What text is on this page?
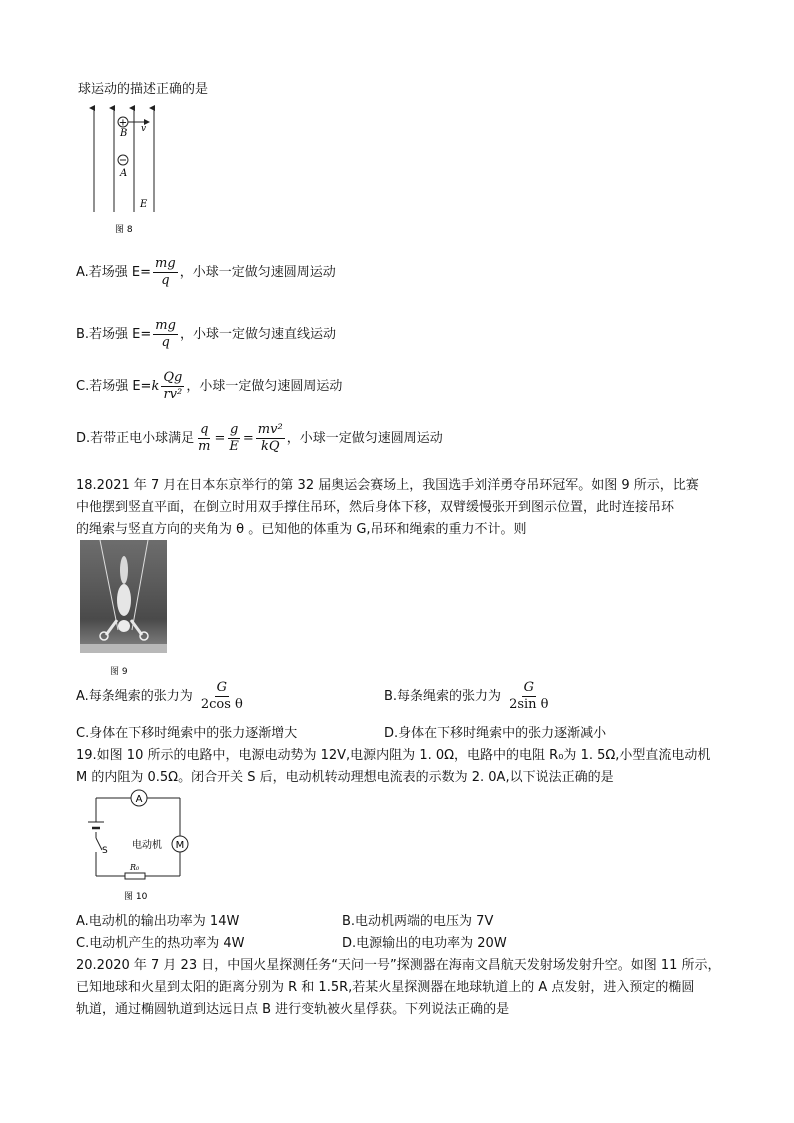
球运动的描述正确的是
+
B
A
v
E
图 8
A.若场强 $E= \frac{mg}{q}$ ，小球一定做匀速圆周运动
B.若场强 $E= \frac{mg}{q}$ ，小球一定做匀速直线运动
C.若场强 $E=k \frac{Qg}{\text{rv²}}$ ，小球一定做匀速圆周运动
D.若带正电小球满足 $\frac{q}{m} = \frac{g}{E} = \frac{\text{mv²}}{kQ}$ ，小球一定做匀速圆周运动
18.2021 年 7 月在日本东京举行的第 32 届奥运会赛场上，我国选手刘洋勇夺吊环冠军。如图 9 所示，比赛
中他摆到竖直平面，在倒立时用双手撑住吊环，然后身体下移，双臂缓慢张开到图示位置，此时连接吊环
的绳索与竖直方向的夹角为 θ 。已知他的体重为 G,吊环和绳索的重力不计。则
图 9
A.每条绳索的张力为 $\frac{G}{\text{2cos θ}}$	B.每条绳索的张力为 $\frac{G}{\text{2sin θ}}$
C.身体在下移时绳索中的张力逐渐增大	D.身体在下移时绳索中的张力逐渐减小
19.如图 10 所示的电路中，电源电动势为 12V,电源内阻为 1. 0Ω，电路中的电阻 R₀为 1. 5Ω,小型直流电动机
M 的内阻为 0.5Ω。闭合开关 S 后，电动机转动理想电流表的示数为 2. 0A,以下说法正确的是
A
M
电动机
S
R₀
图 10
A.电动机的输出功率为 14W	B.电动机两端的电压为 7V
C.电动机产生的热功率为 4W	D.电源输出的电功率为 20W
20.2020 年 7 月 23 日，中国火星探测任务“天问一号”探测器在海南文昌航天发射场发射升空。如图 11 所示，
已知地球和火星到太阳的距离分别为 R 和 1.5R,若某火星探测器在地球轨道上的 A 点发射，进入预定的椭圆
轨道，通过椭圆轨道到达远日点 B 进行变轨被火星俘获。下列说法正确的是
